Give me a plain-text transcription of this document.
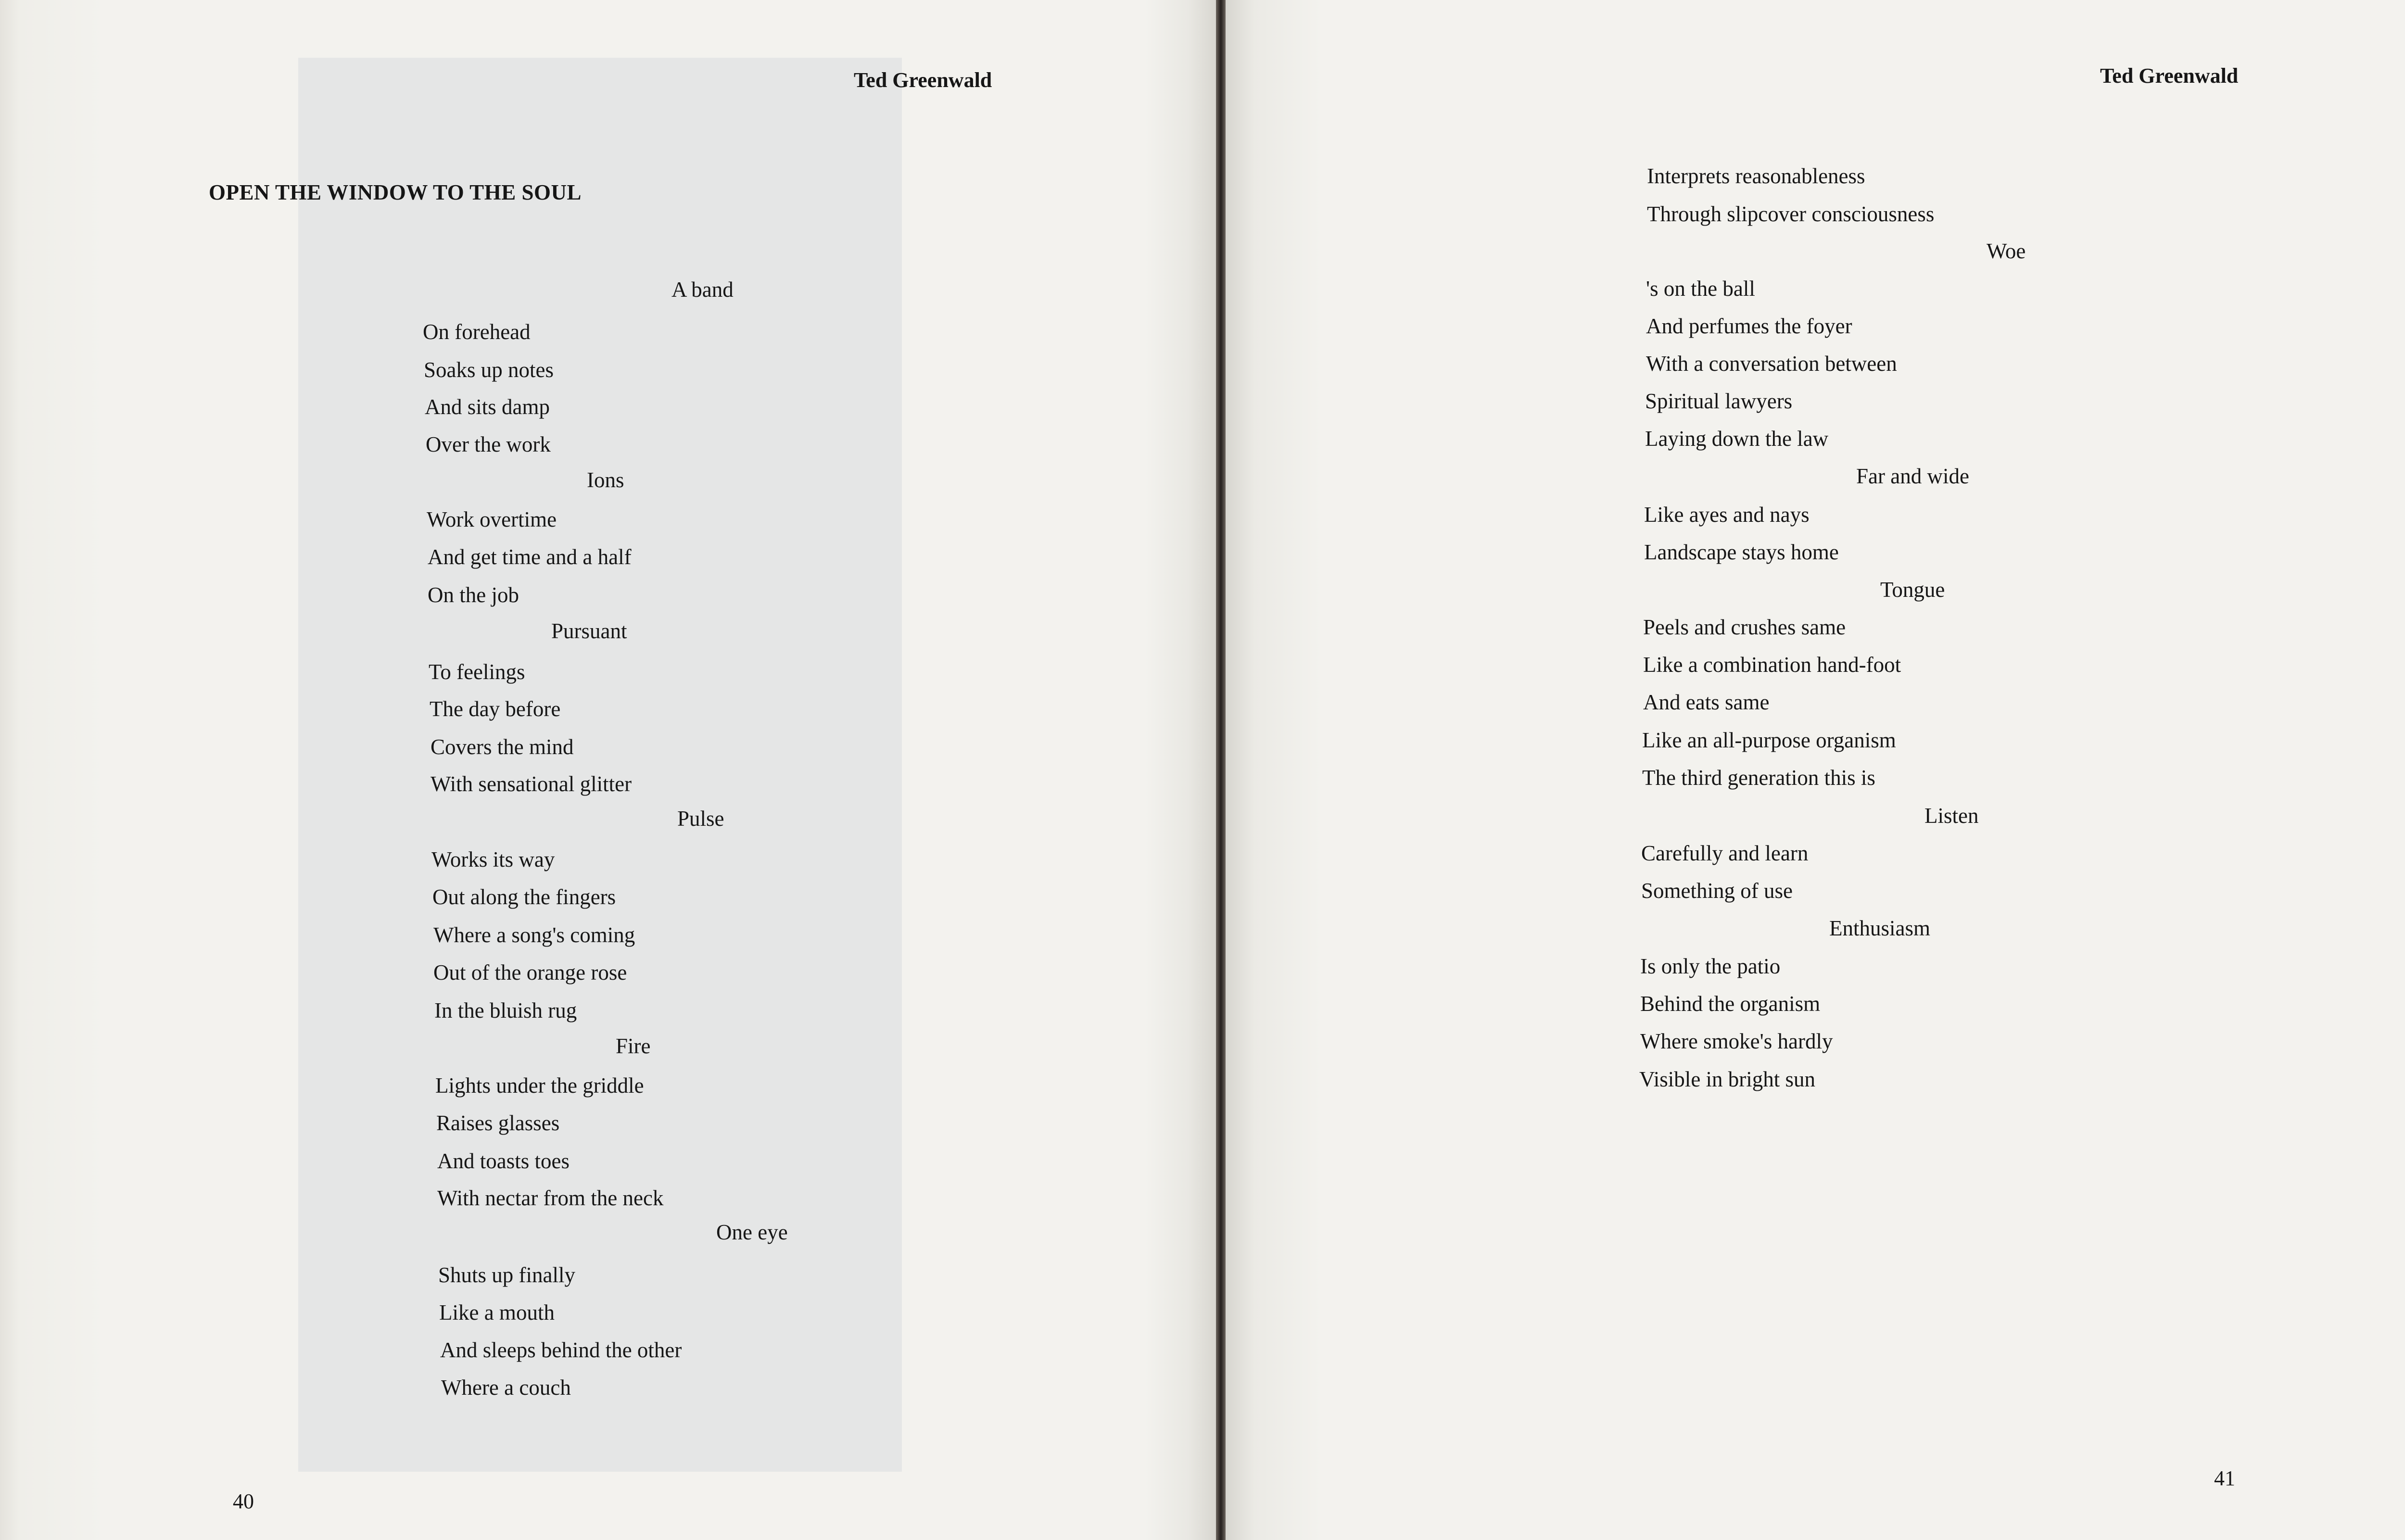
Ted Greenwald
OPEN THE WINDOW TO THE SOUL
A band
On forehead
Soaks up notes
And sits damp
Over the work
Ions
Work overtime
And get time and a half
On the job
Pursuant
To feelings
The day before
Covers the mind
With sensational glitter
Pulse
Works its way
Out along the fingers
Where a song's coming
Out of the orange rose
In the bluish rug
Fire
Lights under the griddle
Raises glasses
And toasts toes
With nectar from the neck
One eye
Shuts up finally
Like a mouth
And sleeps behind the other
Where a couch
40
Ted Greenwald
Interprets reasonableness
Through slipcover consciousness
Woe
's on the ball
And perfumes the foyer
With a conversation between
Spiritual lawyers
Laying down the law
Far and wide
Like ayes and nays
Landscape stays home
Tongue
Peels and crushes same
Like a combination hand-foot
And eats same
Like an all-purpose organism
The third generation this is
Listen
Carefully and learn
Something of use
Enthusiasm
Is only the patio
Behind the organism
Where smoke's hardly
Visible in bright sun
41
